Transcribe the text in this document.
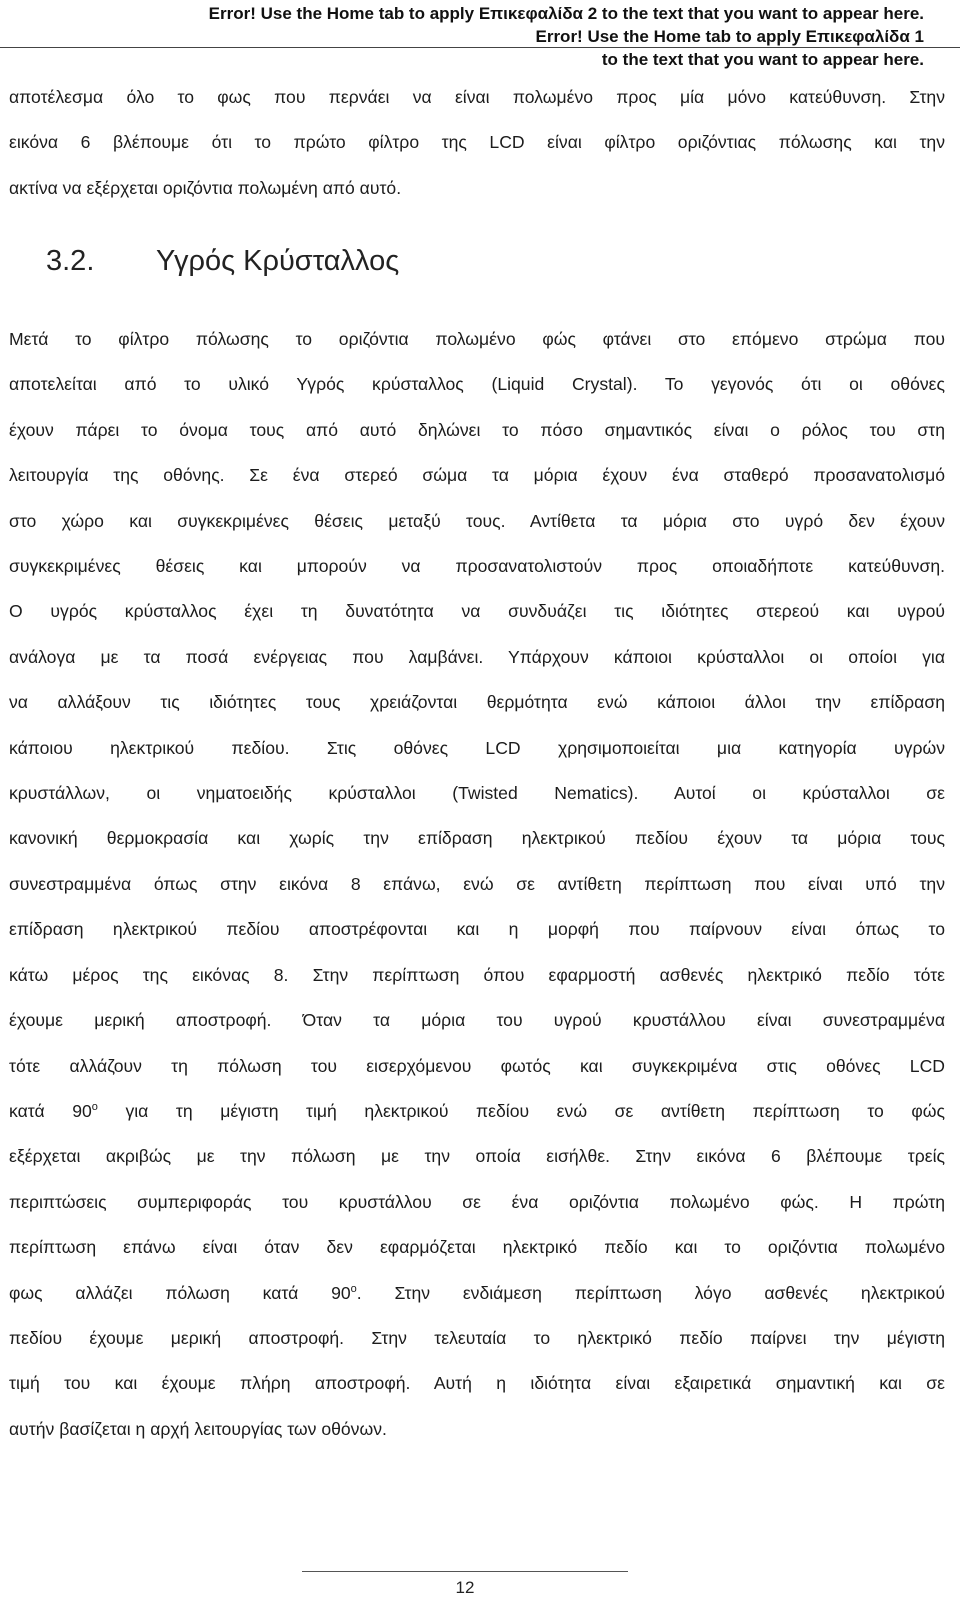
Error! Use the Home tab to apply Επικεφαλίδα 2 to the text that you want to appear here.
Error! Use the Home tab to apply Επικεφαλίδα 1
to the text that you want to appear here.

αποτέλεσμα όλο το φως που περνάει να είναι πολωμένο προς μία μόνο κατεύθυνση. Στην
εικόνα 6 βλέπουμε ότι το πρώτο φίλτρο της LCD είναι φίλτρο οριζόντιας πόλωσης και την
ακτίνα να εξέρχεται οριζόντια πολωμένη από αυτό.

3.2. Υγρός Κρύσταλλος

Μετά το φίλτρο πόλωσης το οριζόντια πολωμένο φώς φτάνει στο επόμενο στρώμα που
αποτελείται από το υλικό Υγρός κρύσταλλος (Liquid Crystal). Το γεγονός ότι οι οθόνες
έχουν πάρει το όνομα τους από αυτό δηλώνει το πόσο σημαντικός είναι ο ρόλος του στη
λειτουργία της οθόνης. Σε ένα στερεό σώμα τα μόρια έχουν ένα σταθερό προσανατολισμό
στο χώρο και συγκεκριμένες θέσεις μεταξύ τους. Αντίθετα τα μόρια στο υγρό δεν έχουν
συγκεκριμένες θέσεις και μπορούν να προσανατολιστούν προς οποιαδήποτε κατεύθυνση.
Ο υγρός κρύσταλλος έχει τη δυνατότητα να συνδυάζει τις ιδιότητες στερεού και υγρού
ανάλογα με τα ποσά ενέργειας που λαμβάνει. Υπάρχουν κάποιοι κρύσταλλοι οι οποίοι για
να αλλάξουν τις ιδιότητες τους χρειάζονται θερμότητα ενώ κάποιοι άλλοι την επίδραση
κάποιου ηλεκτρικού πεδίου. Στις οθόνες LCD χρησιμοποιείται μια κατηγορία υγρών
κρυστάλλων, οι νηματοειδής κρύσταλλοι (Twisted Nematics). Αυτοί οι κρύσταλλοι σε
κανονική θερμοκρασία και χωρίς την επίδραση ηλεκτρικού πεδίου έχουν τα μόρια τους
συνεστραμμένα όπως στην εικόνα 8 επάνω, ενώ σε αντίθετη περίπτωση που είναι υπό την
επίδραση ηλεκτρικού πεδίου αποστρέφονται και η μορφή που παίρνουν είναι όπως το
κάτω μέρος της εικόνας 8. Στην περίπτωση όπου εφαρμοστή ασθενές ηλεκτρικό πεδίο τότε
έχουμε μερική αποστροφή. Όταν τα μόρια του υγρού κρυστάλλου είναι συνεστραμμένα
τότε αλλάζουν τη πόλωση του εισερχόμενου φωτός και συγκεκριμένα στις οθόνες LCD
κατά $90^o$ για τη μέγιστη τιμή ηλεκτρικού πεδίου ενώ σε αντίθετη περίπτωση το φώς
εξέρχεται ακριβώς με την πόλωση με την οποία εισήλθε. Στην εικόνα 6 βλέπουμε τρείς
περιπτώσεις συμπεριφοράς του κρυστάλλου σε ένα οριζόντια πολωμένο φώς. Η πρώτη
περίπτωση επάνω είναι όταν δεν εφαρμόζεται ηλεκτρικό πεδίο και το οριζόντια πολωμένο
φως αλλάζει πόλωση κατά $90^o$. Στην ενδιάμεση περίπτωση λόγο ασθενές ηλεκτρικού
πεδίου έχουμε μερική αποστροφή. Στην τελευταία το ηλεκτρικό πεδίο παίρνει την μέγιστη
τιμή του και έχουμε πλήρη αποστροφή. Αυτή η ιδιότητα είναι εξαιρετικά σημαντική και σε
αυτήν βασίζεται η αρχή λειτουργίας των οθόνων.

12
